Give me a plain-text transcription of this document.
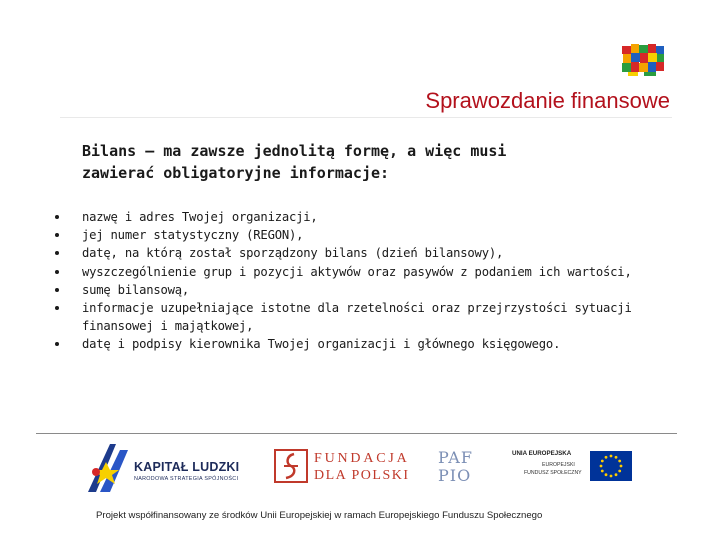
Sprawozdanie finansowe
Bilans – ma zawsze jednolitą formę, a więc musi
zawierać obligatoryjne informacje:
nazwę i adres Twojej organizacji,
jej numer statystyczny (REGON),
datę, na którą został sporządzony bilans (dzień bilansowy),
wyszczególnienie grup i pozycji aktywów oraz pasywów z podaniem ich wartości,
sumę bilansową,
informacje uzupełniające istotne dla rzetelności oraz przejrzystości sytuacji
finansowej i majątkowej,
datę i podpisy kierownika Twojej organizacji i głównego księgowego.
KAPITAŁ LUDZKI
NARODOWA STRATEGIA SPÓJNOŚCI
FUNDACJA
DLA POLSKI
PAF
PIO
UNIA EUROPEJSKA
EUROPEJSKI
FUNDUSZ SPOŁECZNY
Projekt współfinansowany ze środków Unii Europejskiej w ramach Europejskiego Funduszu Społecznego
